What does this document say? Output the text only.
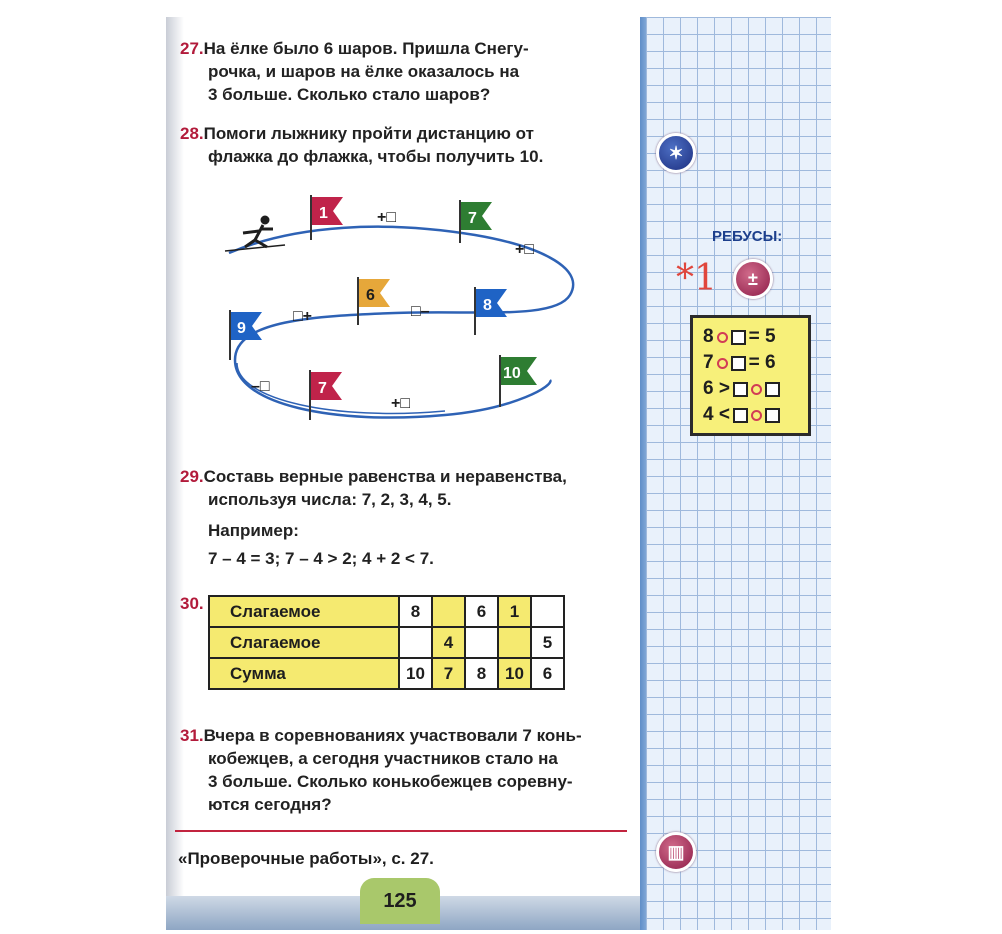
27.На ёлке было 6 шаров. Пришла Снегу-
рочка, и шаров на ёлке оказалось на
3 больше. Сколько стало шаров?
28.Помоги лыжнику пройти дистанцию от
флажка до флажка, чтобы получить 10.
1	7
6
8
9
10
7
+□
+□
□+	□–
–□
+□
29.Составь верные равенства и неравенства,
используя числа: 7, 2, 3, 4, 5.
Например:
7 – 4 = 3; 7 – 4 > 2; 4 + 2 < 7.
30. Слагаемое	8		6	1	
Слагаемое		4			5
Сумма	10	7	8	10	6
31.Вчера в соревнованиях участвовали 7 конь-
кобежцев, а сегодня участников стало на
3 больше. Сколько конькобежцев соревну-
ются сегодня?
«Проверочные работы», с. 27.
125
✶
РЕБУСЫ:
*1 ±
8 = 5
7 = 6
6 >
4 <
▥
